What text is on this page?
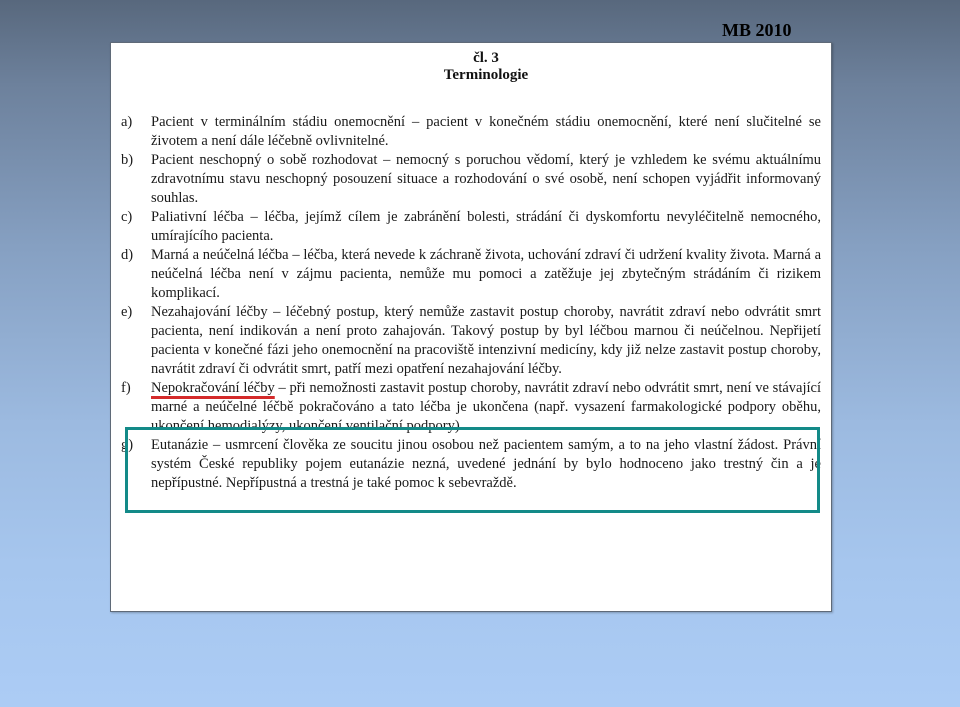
MB 2010
čl. 3
Terminologie
a)	Pacient v terminálním stádiu onemocnění – pacient v konečném stádiu onemocnění, které není slučitelné se životem a není dále léčebně ovlivnitelné.
b)	Pacient neschopný o sobě rozhodovat – nemocný s poruchou vědomí, který je vzhledem ke svému aktuálnímu zdravotnímu stavu neschopný posouzení situace a rozhodování o své osobě, není schopen vyjádřit informovaný souhlas.
c)	Paliativní léčba – léčba, jejímž cílem je zabránění bolesti, strádání či dyskomfortu nevyléčitelně nemocného, umírajícího pacienta.
d)	Marná a neúčelná léčba – léčba, která nevede k záchraně života, uchování zdraví či udržení kvality života. Marná a neúčelná léčba není v zájmu pacienta, nemůže mu pomoci a zatěžuje jej zbytečným strádáním či rizikem komplikací.
e)	Nezahajování léčby – léčebný postup, který nemůže zastavit postup choroby, navrátit zdraví nebo odvrátit smrt pacienta, není indikován a není proto zahajován. Takový postup by byl léčbou marnou či neúčelnou. Nepřijetí pacienta v konečné fázi jeho onemocnění na pracoviště intenzivní medicíny, kdy již nelze zastavit postup choroby, navrátit zdraví či odvrátit smrt, patří mezi opatření nezahajování léčby.
f)	Nepokračování léčby – při nemožnosti zastavit postup choroby, navrátit zdraví nebo odvrátit smrt, není ve stávající marné a neúčelné léčbě pokračováno a tato léčba je ukončena (např. vysazení farmakologické podpory oběhu, ukončení hemodialýzy, ukončení ventilační podpory).
g)	Eutanázie – usmrcení člověka ze soucitu jinou osobou než pacientem samým, a to na jeho vlastní žádost. Právní systém České republiky pojem eutanázie nezná, uvedené jednání by bylo hodnoceno jako trestný čin a je nepřípustné. Nepřípustná a trestná je také pomoc k sebevraždě.
